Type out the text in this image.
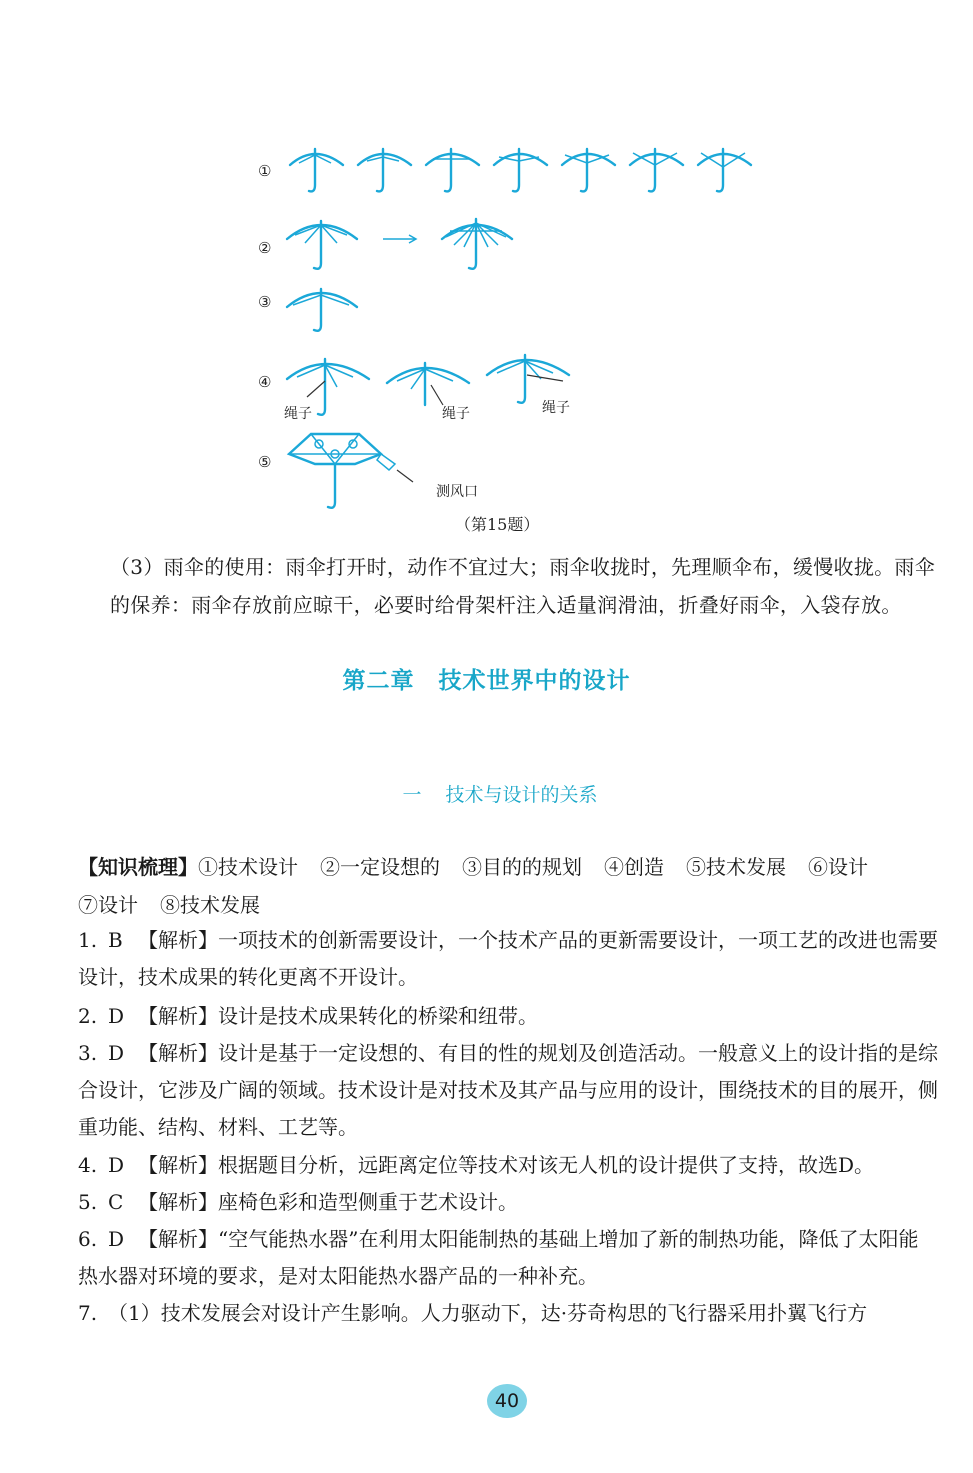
①
②
③
④
⑤
绳子	绳子	绳子
测风口
（第15题）
（3）雨伞的使用：雨伞打开时，动作不宜过大；雨伞收拢时，先理顺伞布，缓慢收拢。雨伞的保养：雨伞存放前应晾干，必要时给骨架杆注入适量润滑油，折叠好雨伞，入袋存放。
第二章　技术世界中的设计
一 技术与设计的关系
【知识梳理】①技术设计 ②一定设想的 ③目的的规划 ④创造 ⑤技术发展 ⑥设计
⑦设计 ⑧技术发展
1. B 【解析】一项技术的创新需要设计，一个技术产品的更新需要设计，一项工艺的改进也需要设计，技术成果的转化更离不开设计。
2. D 【解析】设计是技术成果转化的桥梁和纽带。
3. D 【解析】设计是基于一定设想的、有目的性的规划及创造活动。一般意义上的设计指的是综合设计，它涉及广阔的领域。技术设计是对技术及其产品与应用的设计，围绕技术的目的展开，侧重功能、结构、材料、工艺等。
4. D 【解析】根据题目分析，远距离定位等技术对该无人机的设计提供了支持，故选D。
5. C 【解析】座椅色彩和造型侧重于艺术设计。
6. D 【解析】“空气能热水器”在利用太阳能制热的基础上增加了新的制热功能，降低了太阳能热水器对环境的要求，是对太阳能热水器产品的一种补充。
7. （1）技术发展会对设计产生影响。人力驱动下，达·芬奇构思的飞行器采用扑翼飞行方
40
